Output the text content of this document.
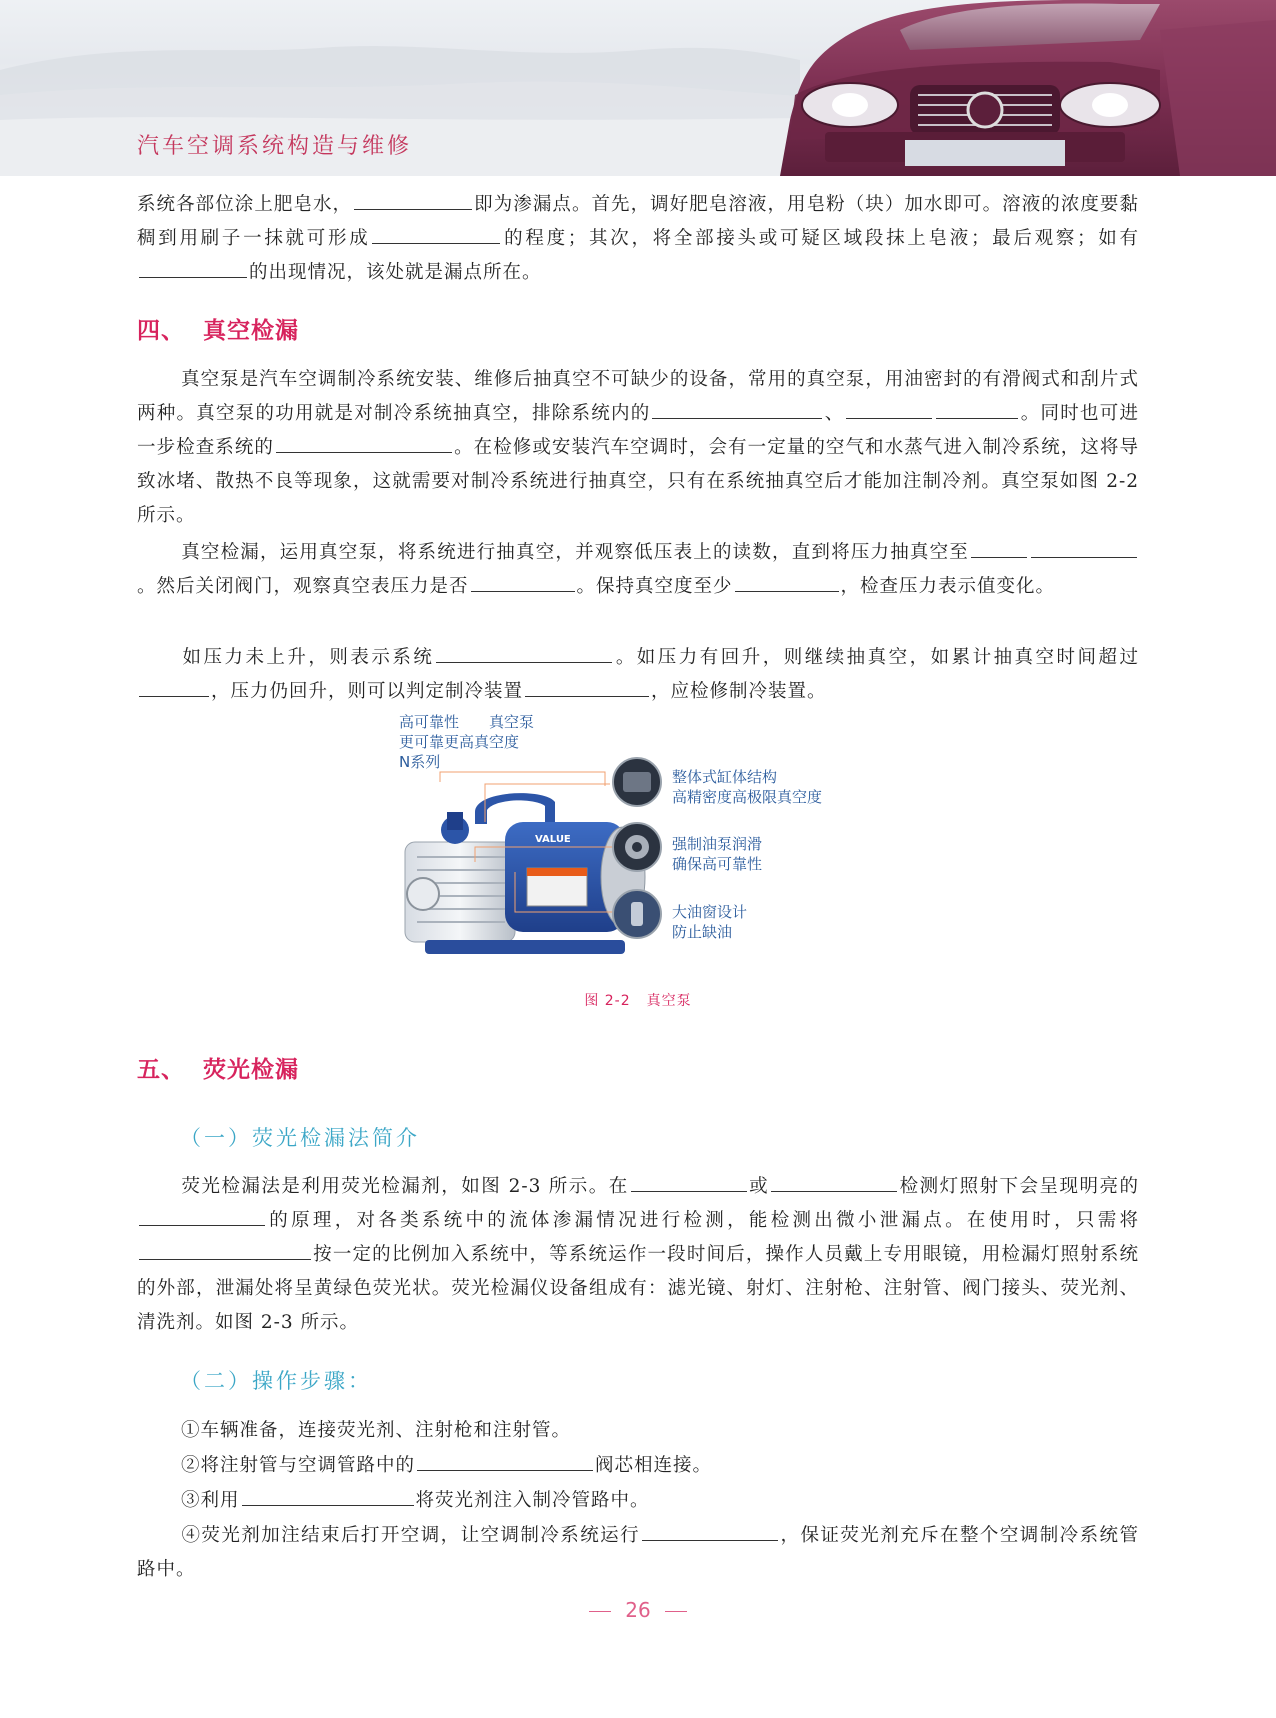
汽车空调系统构造与维修
系统各部位涂上肥皂水，	即为渗漏点。首先，调好肥皂溶液，用皂粉（块）加水即可。溶液的浓度要黏稠到用刷子一抹就可形成	的程度；其次，将全部接头或可疑区域段抹上皂液；最后观察；如有的出现情况，该处就是漏点所在。
四、 真空检漏
真空泵是汽车空调制冷系统安装、维修后抽真空不可缺少的设备，常用的真空泵，用油密封的有滑阀式和刮片式两种。真空泵的功用就是对制冷系统抽真空，排除系统内的	、	。同时也可进一步检查系统的	。在检修或安装汽车空调时，会有一定量的空气和水蒸气进入制冷系统，这将导致冰堵、散热不良等现象，这就需要对制冷系统进行抽真空，只有在系统抽真空后才能加注制冷剂。真空泵如图 2-2 所示。
真空检漏，运用真空泵，将系统进行抽真空，并观察低压表上的读数，直到将压力抽真空至。然后关闭阀门，观察真空表压力是否	。保持真空度至少	，检查压力表示值变化。
如压力未上升，则表示系统	。如压力有回升，则继续抽真空，如累计抽真空时间超过，压力仍回升，则可以判定制冷装置	，应检修制冷装置。
高可靠性　　真空泵
更可靠更高真空度
N系列
VALUE
整体式缸体结构
高精密度高极限真空度
强制油泵润滑
确保高可靠性
大油窗设计
防止缺油
图 2-2 真空泵
五、 荧光检漏
（一）荧光检漏法简介
荧光检漏法是利用荧光检漏剂，如图 2-3 所示。在	或	检测灯照射下会呈现明亮的的原理，对各类系统中的流体渗漏情况进行检测，能检测出微小泄漏点。在使用时，只需将按一定的比例加入系统中，等系统运作一段时间后，操作人员戴上专用眼镜，用检漏灯照射系统的外部，泄漏处将呈黄绿色荧光状。荧光检漏仪设备组成有：滤光镜、射灯、注射枪、注射管、阀门接头、荧光剂、清洗剂。如图 2-3 所示。
（二）操作步骤：
①车辆准备，连接荧光剂、注射枪和注射管。
②将注射管与空调管路中的	阀芯相连接。
③利用	将荧光剂注入制冷管路中。
④荧光剂加注结束后打开空调，让空调制冷系统运行	，保证荧光剂充斥在整个空调制冷系统管路中。
26
